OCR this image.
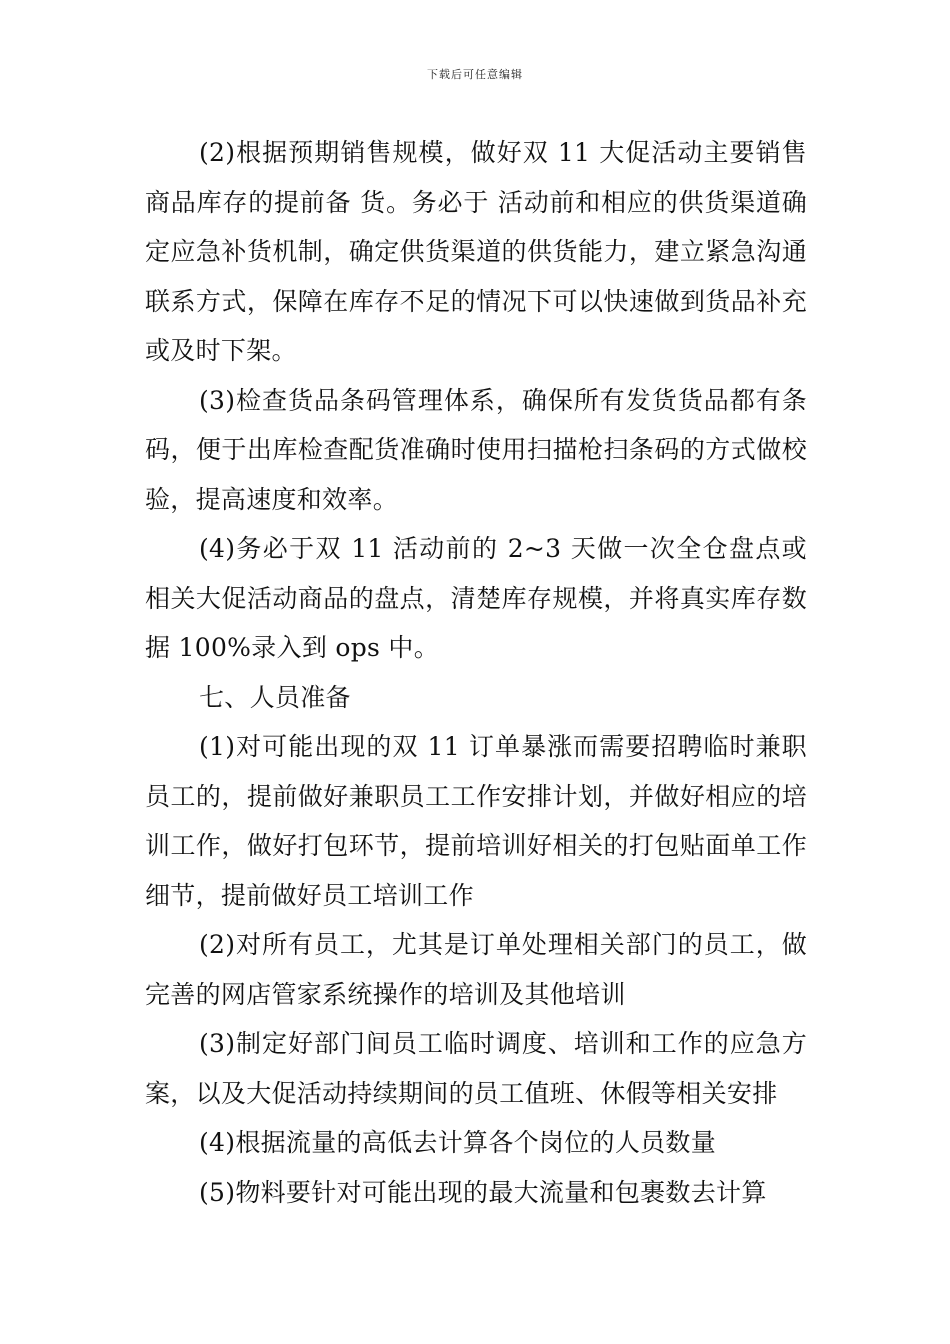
下载后可任意编辑

(2)根据预期销售规模，做好双 11 大促活动主要销售商品库存的提前备 货。务必于 活动前和相应的供货渠道确定应急补货机制，确定供货渠道的供货能力，建立紧急沟通联系方式，保障在库存不足的情况下可以快速做到货品补充或及时下架。

(3)检查货品条码管理体系，确保所有发货货品都有条码，便于出库检查配货准确时使用扫描枪扫条码的方式做校验，提高速度和效率。

(4)务必于双 11 活动前的 2~3 天做一次全仓盘点或相关大促活动商品的盘点，清楚库存规模，并将真实库存数据 100%录入到 ops 中。

七、人员准备

(1)对可能出现的双 11 订单暴涨而需要招聘临时兼职员工的，提前做好兼职员工工作安排计划，并做好相应的培训工作，做好打包环节，提前培训好相关的打包贴面单工作细节，提前做好员工培训工作

(2)对所有员工，尤其是订单处理相关部门的员工，做完善的网店管家系统操作的培训及其他培训

(3)制定好部门间员工临时调度、培训和工作的应急方案，以及大促活动持续期间的员工值班、休假等相关安排

(4)根据流量的高低去计算各个岗位的人员数量

(5)物料要针对可能出现的最大流量和包裹数去计算
